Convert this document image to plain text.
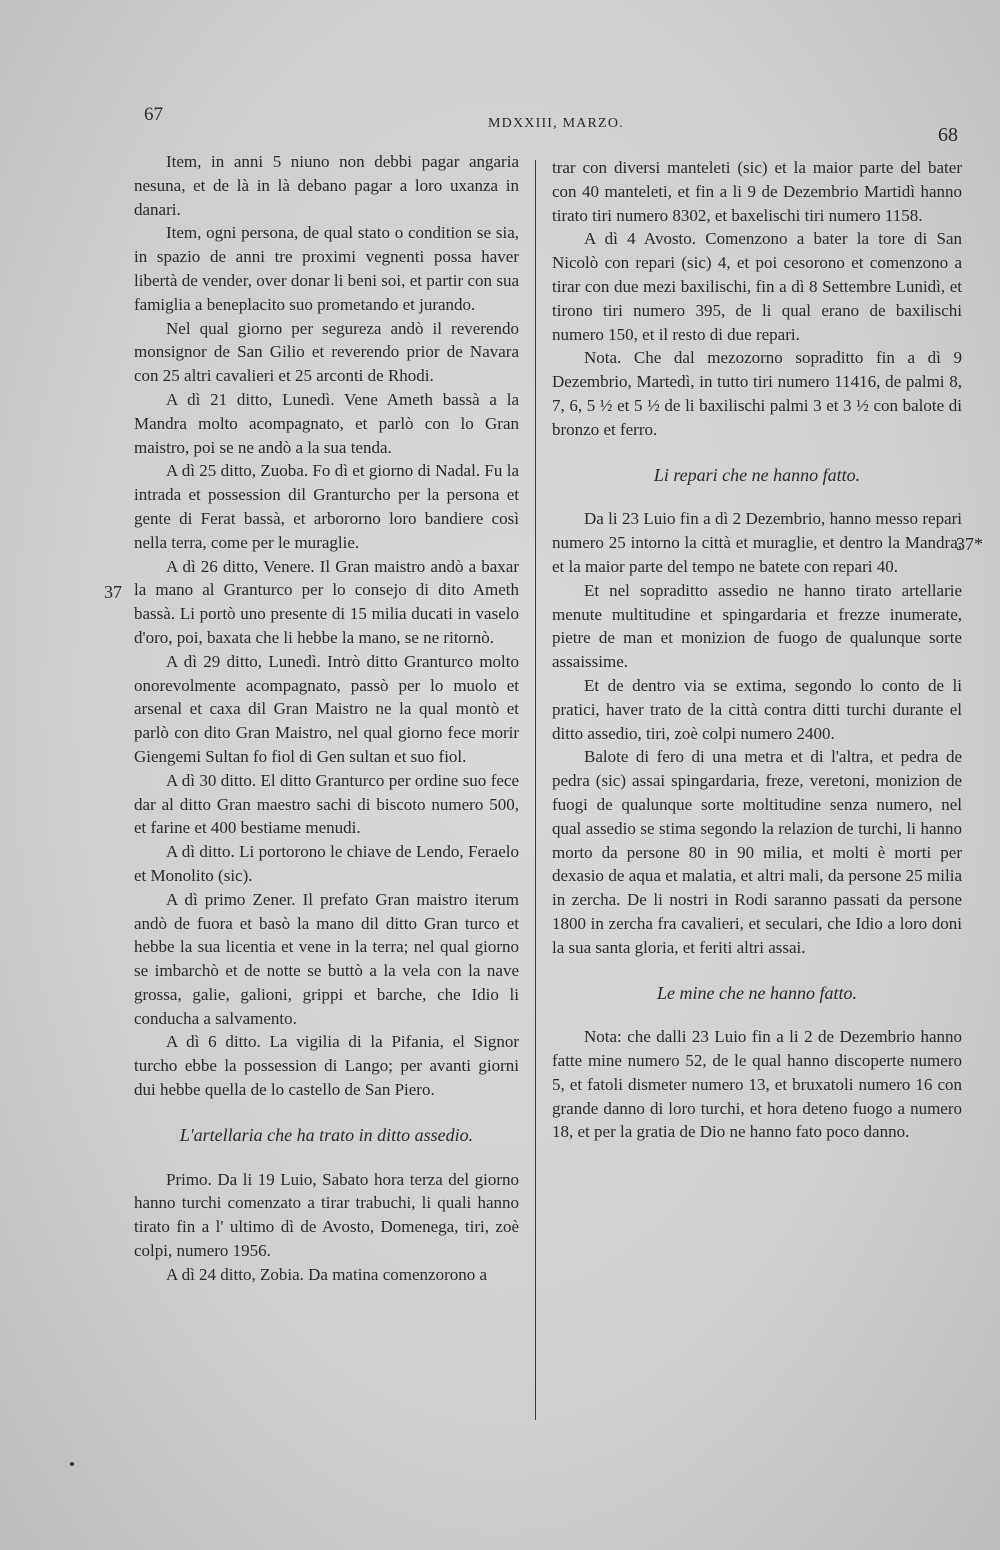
67	MDXXIII, MARZO.
68
37
37*

Item, in anni 5 niuno non debbi pagar angaria nesuna, et de là in là debano pagar a loro uxanza in danari.

Item, ogni persona, de qual stato o condition se sia, in spazio de anni tre proximi vegnenti possa haver libertà de vender, over donar li beni soi, et partir con sua famiglia a beneplacito suo prometando et jurando.

Nel qual giorno per segureza andò il reverendo monsignor de San Gilio et reverendo prior de Navara con 25 altri cavalieri et 25 arconti de Rhodi.

A dì 21 ditto, Lunedì. Vene Ameth bassà a la Mandra molto acompagnato, et parlò con lo Gran maistro, poi se ne andò a la sua tenda.

A dì 25 ditto, Zuoba. Fo dì et giorno di Nadal. Fu la intrada et possession dil Granturcho per la persona et gente di Ferat bassà, et arbororno loro bandiere così nella terra, come per le muraglie.

A dì 26 ditto, Venere. Il Gran maistro andò a baxar la mano al Granturco per lo consejo di dito Ameth bassà. Li portò uno presente di 15 milia ducati in vaselo d'oro, poi, baxata che li hebbe la mano, se ne ritornò.

A dì 29 ditto, Lunedì. Intrò ditto Granturco molto onorevolmente acompagnato, passò per lo muolo et arsenal et caxa dil Gran Maistro ne la qual montò et parlò con dito Gran Maistro, nel qual giorno fece morir Giengemi Sultan fo fiol di Gen sultan et suo fiol.

A dì 30 ditto. El ditto Granturco per ordine suo fece dar al ditto Gran maestro sachi di biscoto numero 500, et farine et 400 bestiame menudi.

A dì ditto. Li portorono le chiave de Lendo, Feraelo et Monolito (sic).

A dì primo Zener. Il prefato Gran maistro iterum andò de fuora et basò la mano dil ditto Gran turco et hebbe la sua licentia et vene in la terra; nel qual giorno se imbarchò et de notte se buttò a la vela con la nave grossa, galie, galioni, grippi et barche, che Idio li conducha a salvamento.

A dì 6 ditto. La vigilia di la Pifania, el Signor turcho ebbe la possession di Lango; per avanti giorni dui hebbe quella de lo castello de San Piero.

L'artellaria che ha trato in ditto assedio.

Primo. Da li 19 Luio, Sabato hora terza del giorno hanno turchi comenzato a tirar trabuchi, li quali hanno tirato fin a l' ultimo dì de Avosto, Domenega, tiri, zoè colpi, numero 1956.

A dì 24 ditto, Zobia. Da matina comenzorono a

trar con diversi manteleti (sic) et la maior parte del bater con 40 manteleti, et fin a li 9 de Dezembrio Martidì hanno tirato tiri numero 8302, et baxelischi tiri numero 1158.

A dì 4 Avosto. Comenzono a bater la tore di San Nicolò con repari (sic) 4, et poi cesorono et comenzono a tirar con due mezi baxilischi, fin a dì 8 Settembre Lunidì, et tirono tiri numero 395, de li qual erano de baxilischi numero 150, et il resto di due repari.

Nota. Che dal mezozorno sopraditto fin a dì 9 Dezembrio, Martedì, in tutto tiri numero 11416, de palmi 8, 7, 6, 5 ½ et 5 ½ de li baxilischi palmi 3 et 3 ½ con balote di bronzo et ferro.

Li repari che ne hanno fatto.

Da li 23 Luio fin a dì 2 Dezembrio, hanno messo repari numero 25 intorno la città et muraglie, et dentro la Mandra, et la maior parte del tempo ne batete con repari 40.

Et nel sopraditto assedio ne hanno tirato artellarie menute multitudine et spingardaria et frezze inumerate, pietre de man et monizion de fuogo de qualunque sorte assaissime.

Et de dentro via se extima, segondo lo conto de li pratici, haver trato de la città contra ditti turchi durante el ditto assedio, tiri, zoè colpi numero 2400.

Balote di fero di una metra et di l'altra, et pedra de pedra (sic) assai spingardaria, freze, veretoni, monizion de fuogi de qualunque sorte moltitudine senza numero, nel qual assedio se stima segondo la relazion de turchi, li hanno morto da persone 80 in 90 milia, et molti è morti per dexasio de aqua et malatia, et altri mali, da persone 25 milia in zercha. De li nostri in Rodi saranno passati da persone 1800 in zercha fra cavalieri, et seculari, che Idio a loro doni la sua santa gloria, et feriti altri assai.

Le mine che ne hanno fatto.

Nota: che dalli 23 Luio fin a li 2 de Dezembrio hanno fatte mine numero 52, de le qual hanno discoperte numero 5, et fatoli dismeter numero 13, et bruxatoli numero 16 con grande danno di loro turchi, et hora deteno fuogo a numero 18, et per la gratia de Dio ne hanno fato poco danno.
